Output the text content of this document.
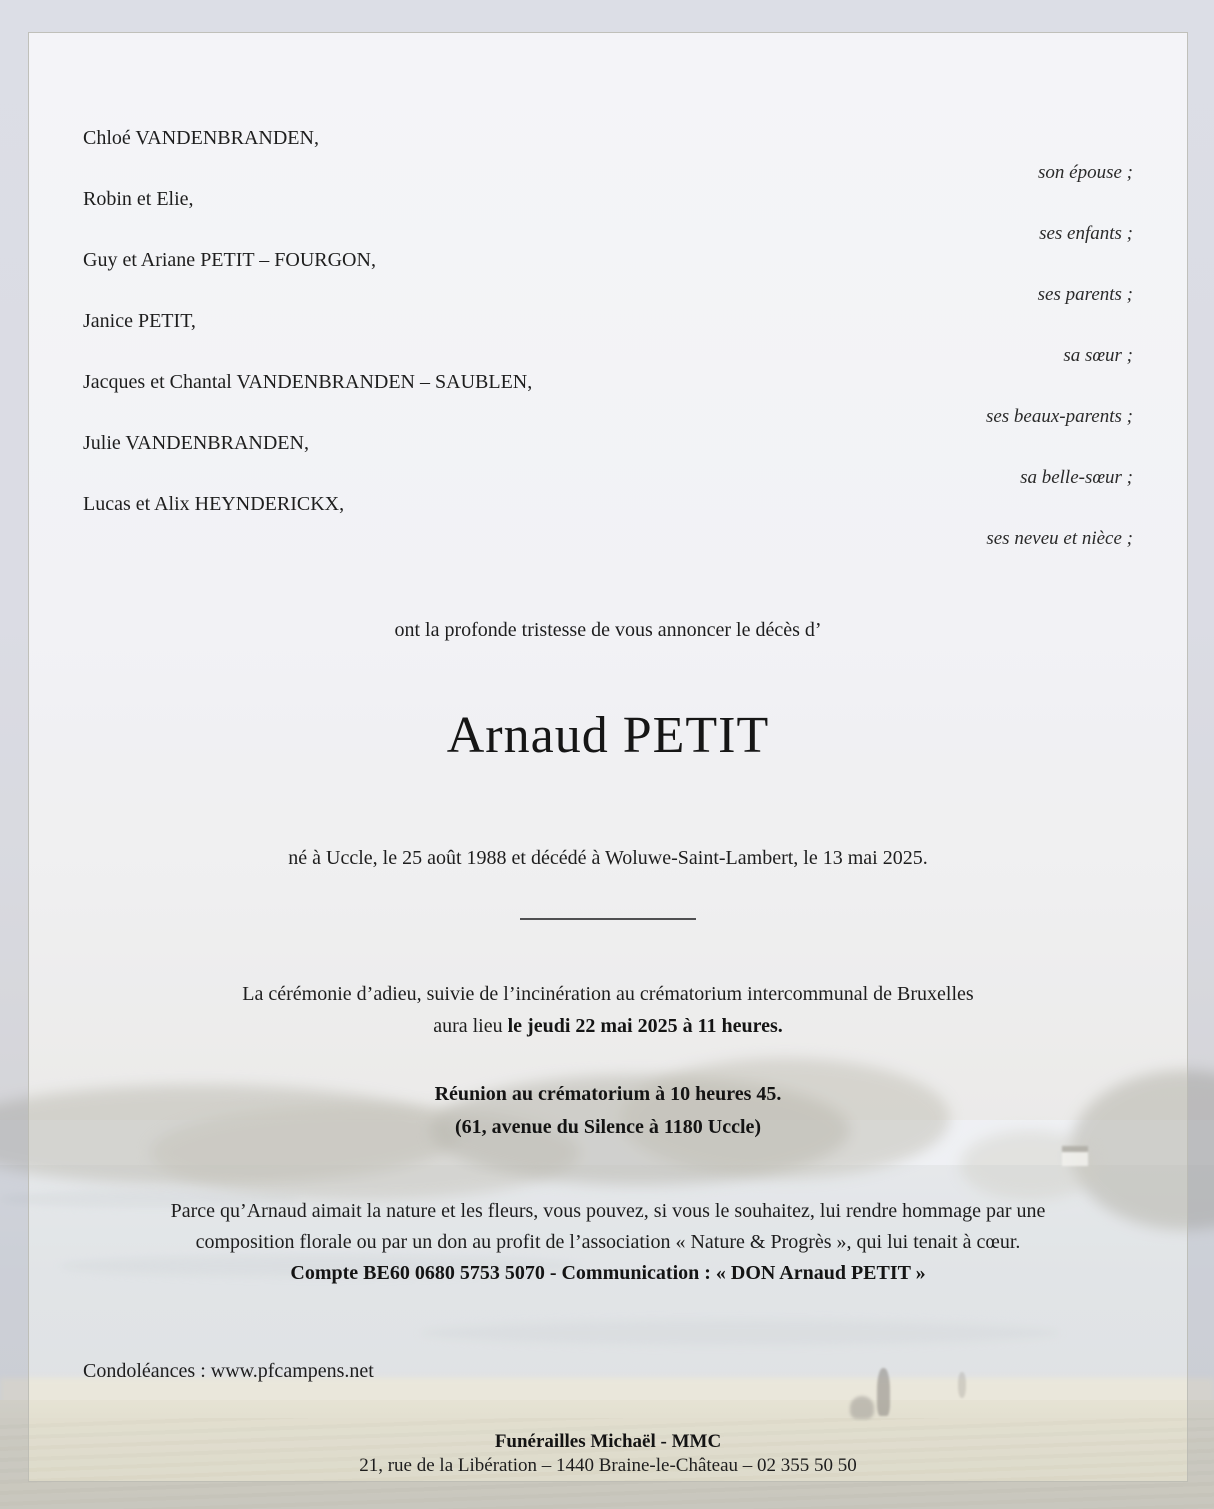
Chloé VANDENBRANDEN,

son épouse ;

Robin et Elie,

ses enfants ;

Guy et Ariane PETIT – FOURGON,

ses parents ;

Janice PETIT,

sa sœur ;

Jacques et Chantal VANDENBRANDEN – SAUBLEN,

ses beaux-parents ;

Julie VANDENBRANDEN,

sa belle-sœur ;

Lucas et Alix HEYNDERICKX,

ses neveu et nièce ;

ont la profonde tristesse de vous annoncer le décès d’

Arnaud PETIT

né à Uccle, le 25 août 1988 et décédé à Woluwe-Saint-Lambert, le 13 mai 2025.

La cérémonie d’adieu, suivie de l’incinération au crématorium intercommunal de Bruxelles
aura lieu le jeudi 22 mai 2025 à 11 heures.

Réunion au crématorium à 10 heures 45.
(61, avenue du Silence à 1180 Uccle)

Parce qu’Arnaud aimait la nature et les fleurs, vous pouvez, si vous le souhaitez, lui rendre hommage par une
composition florale ou par un don au profit de l’association « Nature & Progrès », qui lui tenait à cœur.
Compte BE60 0680 5753 5070 - Communication : « DON Arnaud PETIT »

Condoléances : www.pfcampens.net

Funérailles Michaël - MMC

21, rue de la Libération – 1440 Braine-le-Château – 02 355 50 50
